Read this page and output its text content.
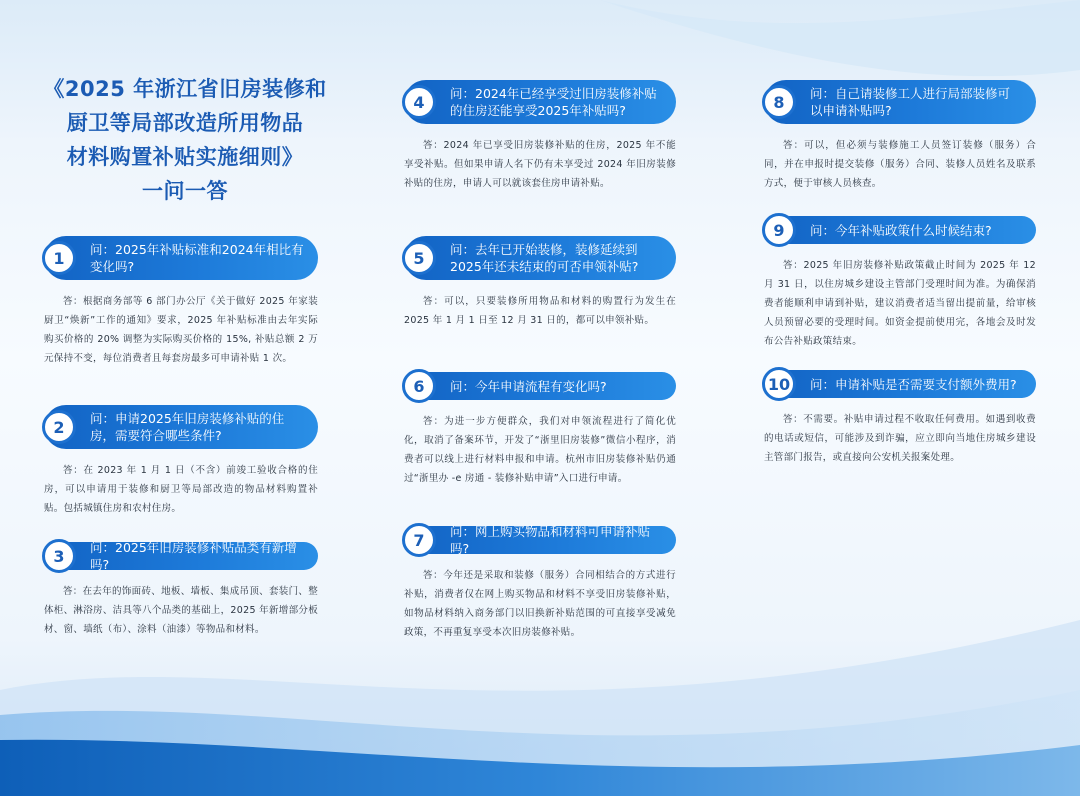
《2025 年浙江省旧房装修和
厨卫等局部改造所用物品
材料购置补贴实施细则》
一问一答
1	问：2025年补贴标准和2024年相比有变化吗?
答：根据商务部等 6 部门办公厅《关于做好 2025 年家装厨卫“焕新”工作的通知》要求，2025 年补贴标准由去年实际购买价格的 20% 调整为实际购买价格的 15%, 补贴总额 2 万元保持不变，每位消费者且每套房最多可申请补贴 1 次。
2	问：申请2025年旧房装修补贴的住房，需要符合哪些条件?
答：在 2023 年 1 月 1 日（不含）前竣工验收合格的住房，可以申请用于装修和厨卫等局部改造的物品材料购置补贴。包括城镇住房和农村住房。
3	问：2025年旧房装修补贴品类有新增吗?
答：在去年的饰面砖、地板、墙板、集成吊顶、套装门、整体柜、淋浴房、洁具等八个品类的基础上，2025 年新增部分板材、窗、墙纸（布）、涂料（油漆）等物品和材料。
4	问：2024年已经享受过旧房装修补贴的住房还能享受2025年补贴吗?
答：2024 年已享受旧房装修补贴的住房，2025 年不能享受补贴。但如果申请人名下仍有未享受过 2024 年旧房装修补贴的住房，申请人可以就该套住房申请补贴。
5	问：去年已开始装修，装修延续到2025年还未结束的可否申领补贴?
答：可以，只要装修所用物品和材料的购置行为发生在 2025 年 1 月 1 日至 12 月 31 日的，都可以申领补贴。
6	问：今年申请流程有变化吗?
答：为进一步方便群众，我们对申领流程进行了简化优化，取消了备案环节，开发了“浙里旧房装修”微信小程序，消费者可以线上进行材料申报和申请。杭州市旧房装修补贴仍通过“浙里办 -e 房通 - 装修补贴申请”入口进行申请。
7	问：网上购买物品和材料可申请补贴吗?
答：今年还是采取和装修（服务）合同相结合的方式进行补贴，消费者仅在网上购买物品和材料不享受旧房装修补贴，如物品材料纳入商务部门以旧换新补贴范围的可直接享受减免政策，不再重复享受本次旧房装修补贴。
8	问：自己请装修工人进行局部装修可以申请补贴吗?
答：可以，但必须与装修施工人员签订装修（服务）合同，并在申报时提交装修（服务）合同、装修人员姓名及联系方式，便于审核人员核查。
9	问：今年补贴政策什么时候结束?
答：2025 年旧房装修补贴政策截止时间为 2025 年 12 月 31 日，以住房城乡建设主管部门受理时间为准。为确保消费者能顺利申请到补贴，建议消费者适当留出提前量，给审核人员预留必要的受理时间。如资金提前使用完，各地会及时发布公告补贴政策结束。
10	问：申请补贴是否需要支付额外费用?
答：不需要。补贴申请过程不收取任何费用。如遇到收费的电话或短信，可能涉及到诈骗，应立即向当地住房城乡建设主管部门报告，或直接向公安机关报案处理。
